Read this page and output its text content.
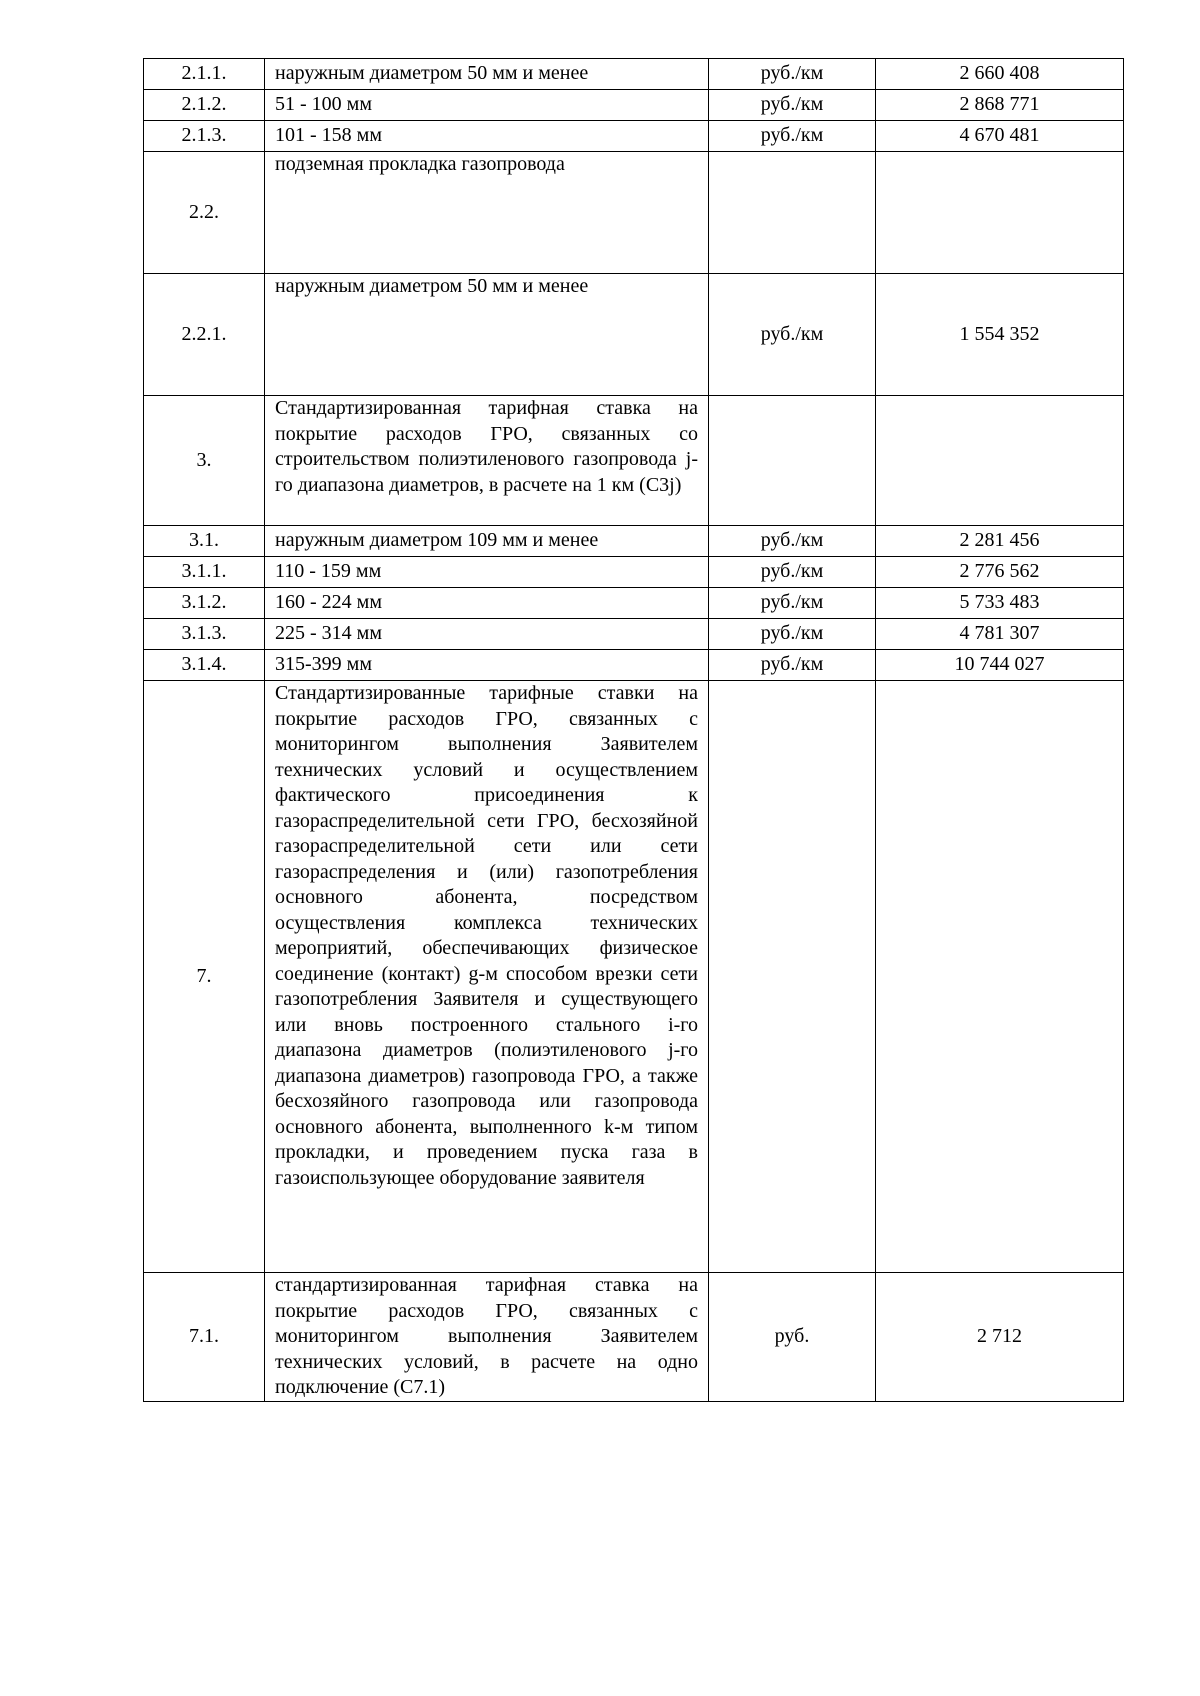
2.1.1.	наружным диаметром 50 мм и менее	руб./км	2 660 408
2.1.2.	51 - 100 мм	руб./км	2 868 771
2.1.3.	101 - 158 мм	руб./км	4 670 481
2.2.	подземная прокладка газопровода		
2.2.1.	наружным диаметром 50 мм и менее	руб./км	1 554 352
3.	Стандартизированная тарифная ставка на покрытие расходов ГРО, связанных со строительством полиэтиленового газопровода j-го диапазона диаметров, в расчете на 1 км (C3j)		
3.1.	наружным диаметром 109 мм и менее	руб./км	2 281 456
3.1.1.	110 - 159 мм	руб./км	2 776 562
3.1.2.	160 - 224 мм	руб./км	5 733 483
3.1.3.	225 - 314 мм	руб./км	4 781 307
3.1.4.	315-399 мм	руб./км	10 744 027
7.	Стандартизированные тарифные ставки на покрытие расходов ГРО, связанных с мониторингом выполнения Заявителем технических условий и осуществлением фактического присоединения к газораспределительной сети ГРО, бесхозяйной газораспределительной сети или сети газораспределения и (или) газопотребления основного абонента, посредством осуществления комплекса технических мероприятий, обеспечивающих физическое соединение (контакт) g-м способом врезки сети газопотребления Заявителя и существующего или вновь построенного стального i-го диапазона диаметров (полиэтиленового j-го диапазона диаметров) газопровода ГРО, а также бесхозяйного газопровода или газопровода основного абонента, выполненного k-м типом прокладки, и проведением пуска газа в газоиспользующее оборудование заявителя		
7.1.	стандартизированная тарифная ставка на покрытие расходов ГРО, связанных с мониторингом выполнения Заявителем технических условий, в расчете на одно подключение (C7.1)	руб.	2 712
